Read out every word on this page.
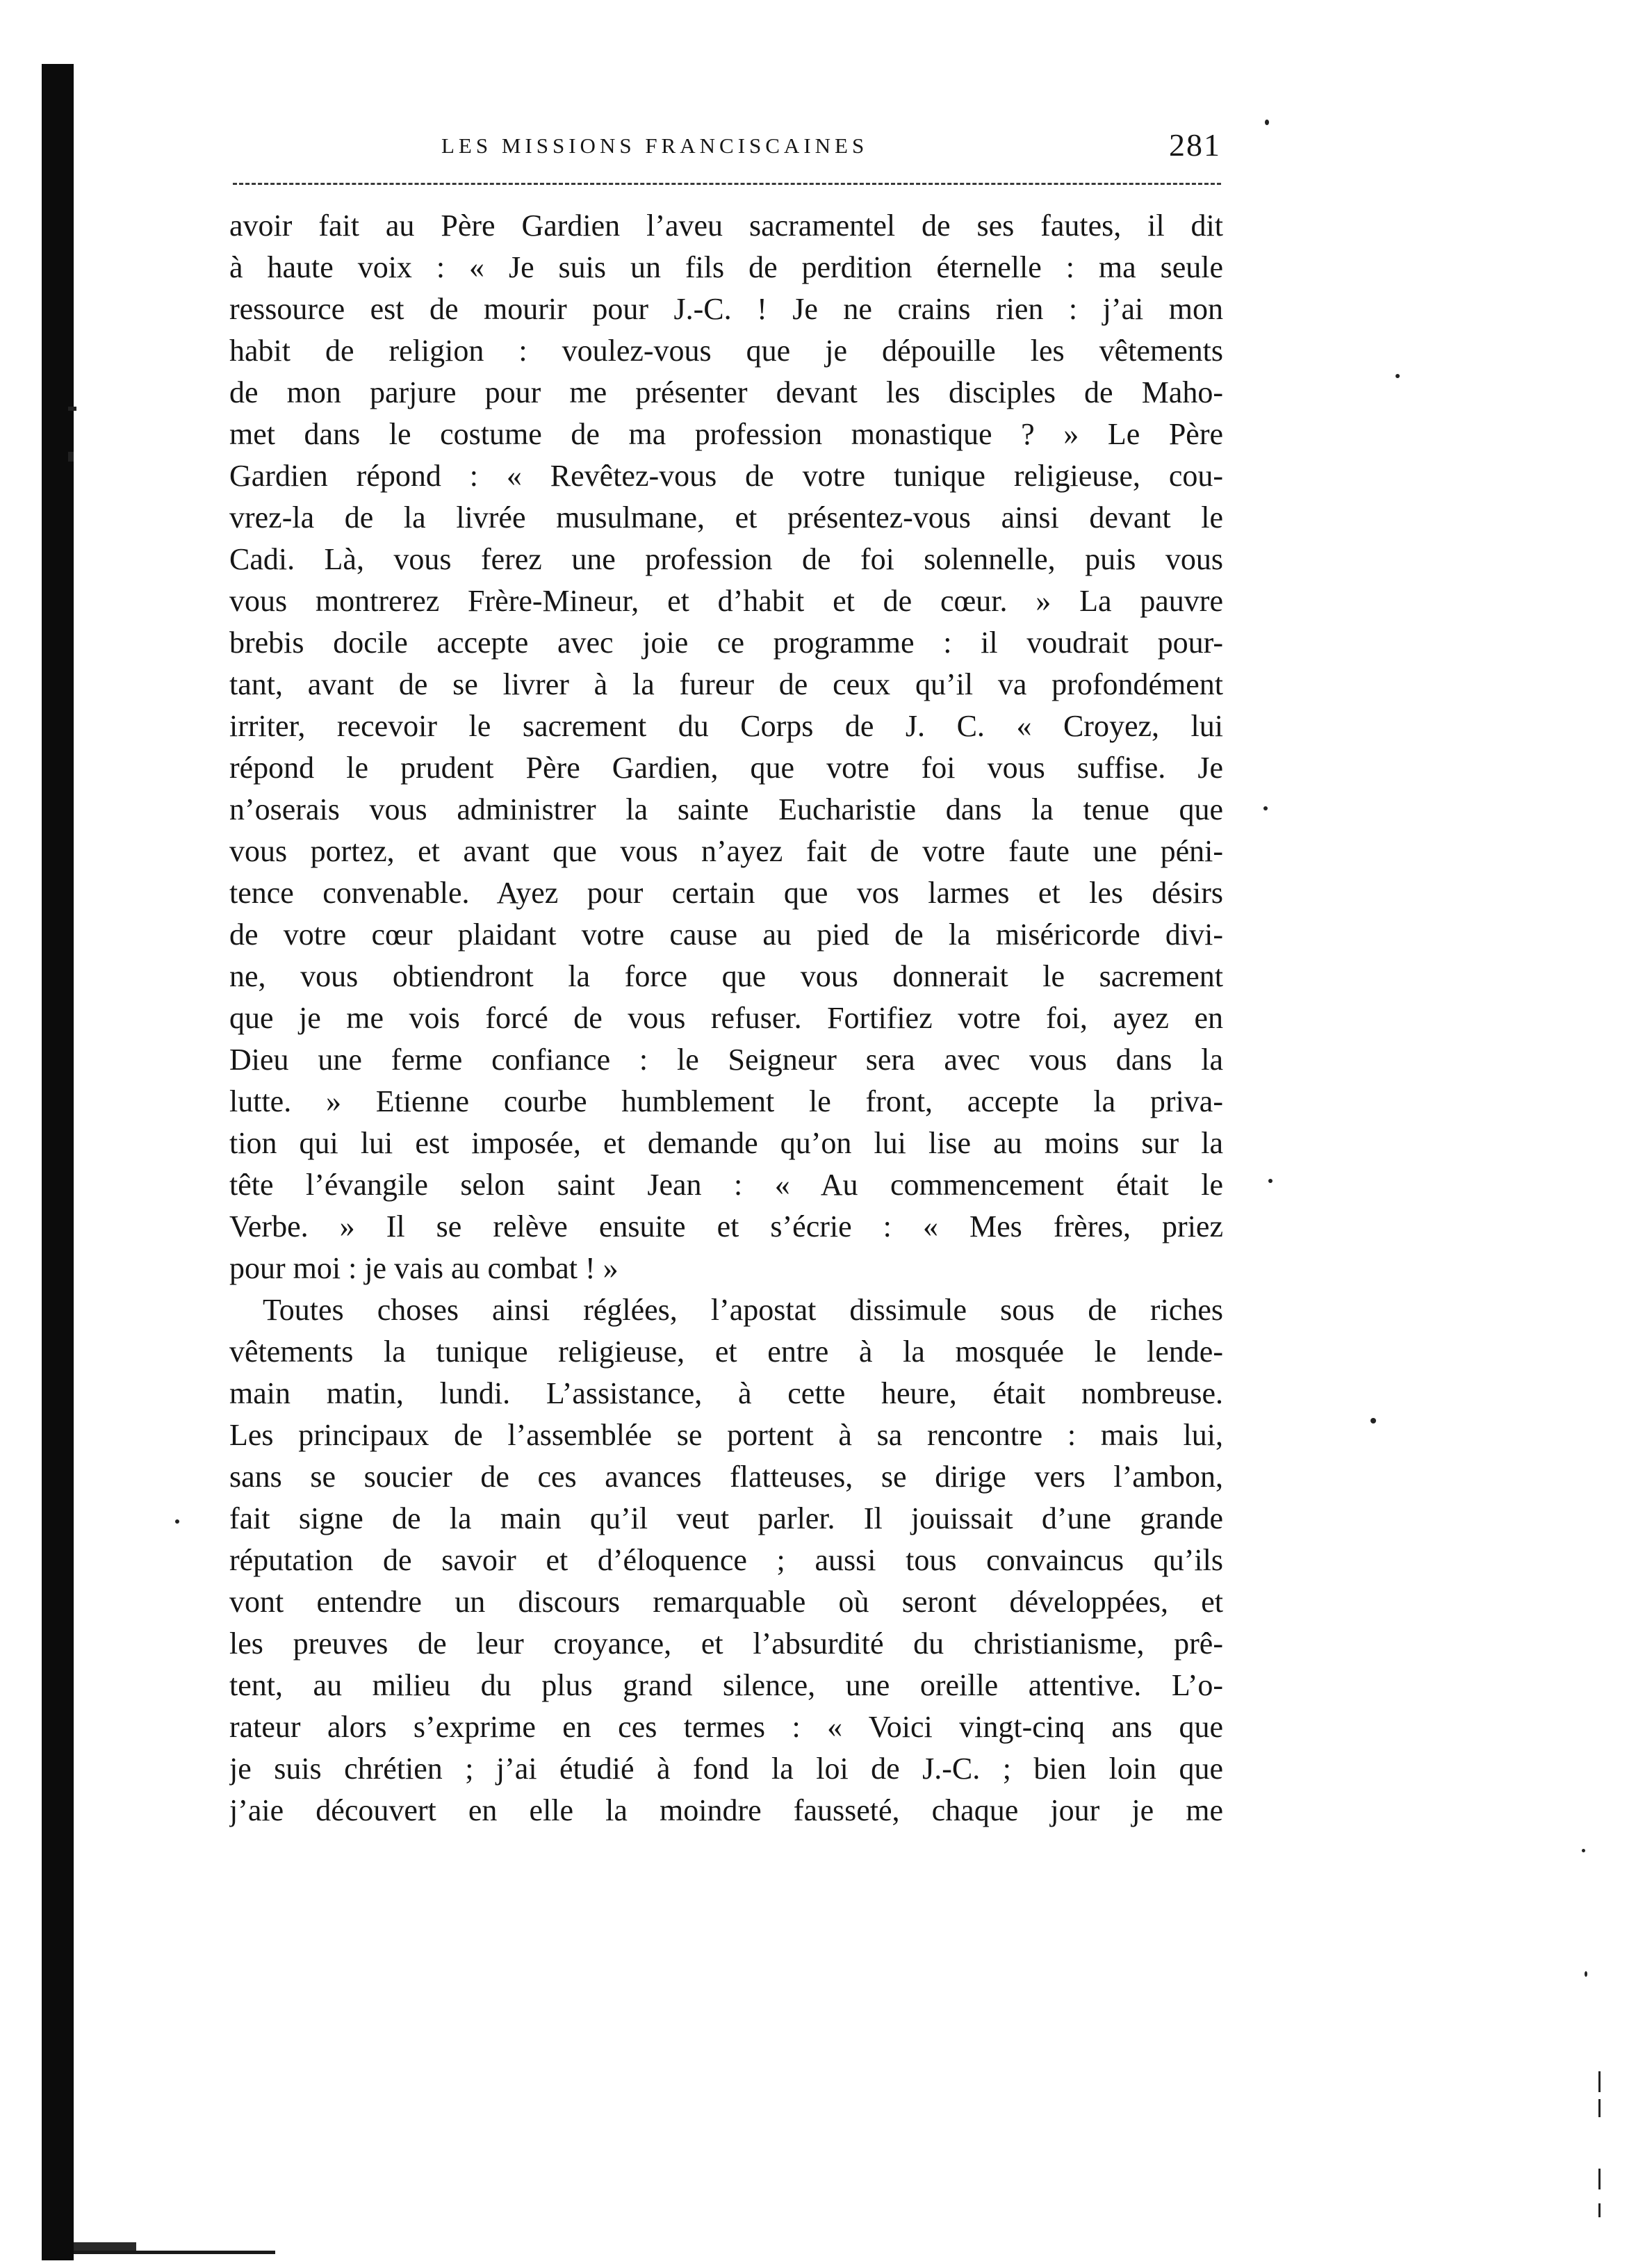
LES MISSIONS FRANCISCAINES	281
avoir fait au Père Gardien l’aveu sacramentel de ses fautes, il dit
à haute voix : « Je suis un fils de perdition éternelle : ma seule
ressource est de mourir pour J.-C. ! Je ne crains rien : j’ai mon
habit de religion : voulez-vous que je dépouille les vêtements
de mon parjure pour me présenter devant les disciples de Maho-
met dans le costume de ma profession monastique ? » Le Père
Gardien répond : « Revêtez-vous de votre tunique religieuse, cou-
vrez-la de la livrée musulmane, et présentez-vous ainsi devant le
Cadi. Là, vous ferez une profession de foi solennelle, puis vous
vous montrerez Frère-Mineur, et d’habit et de cœur. » La pauvre
brebis docile accepte avec joie ce programme : il voudrait pour-
tant, avant de se livrer à la fureur de ceux qu’il va profondément
irriter, recevoir le sacrement du Corps de J. C. « Croyez, lui
répond le prudent Père Gardien, que votre foi vous suffise. Je
n’oserais vous administrer la sainte Eucharistie dans la tenue que
vous portez, et avant que vous n’ayez fait de votre faute une péni-
tence convenable. Ayez pour certain que vos larmes et les désirs
de votre cœur plaidant votre cause au pied de la miséricorde divi-
ne, vous obtiendront la force que vous donnerait le sacrement
que je me vois forcé de vous refuser. Fortifiez votre foi, ayez en
Dieu une ferme confiance : le Seigneur sera avec vous dans la
lutte. » Etienne courbe humblement le front, accepte la priva-
tion qui lui est imposée, et demande qu’on lui lise au moins sur la
tête l’évangile selon saint Jean : « Au commencement était le
Verbe. » Il se relève ensuite et s’écrie : « Mes frères, priez
pour moi : je vais au combat ! »
Toutes choses ainsi réglées, l’apostat dissimule sous de riches
vêtements la tunique religieuse, et entre à la mosquée le lende-
main matin, lundi. L’assistance, à cette heure, était nombreuse.
Les principaux de l’assemblée se portent à sa rencontre : mais lui,
sans se soucier de ces avances flatteuses, se dirige vers l’ambon,
fait signe de la main qu’il veut parler. Il jouissait d’une grande
réputation de savoir et d’éloquence ; aussi tous convaincus qu’ils
vont entendre un discours remarquable où seront développées, et
les preuves de leur croyance, et l’absurdité du christianisme, prê-
tent, au milieu du plus grand silence, une oreille attentive. L’o-
rateur alors s’exprime en ces termes : « Voici vingt-cinq ans que
je suis chrétien ; j’ai étudié à fond la loi de J.-C. ; bien loin que
j’aie découvert en elle la moindre fausseté, chaque jour je me
